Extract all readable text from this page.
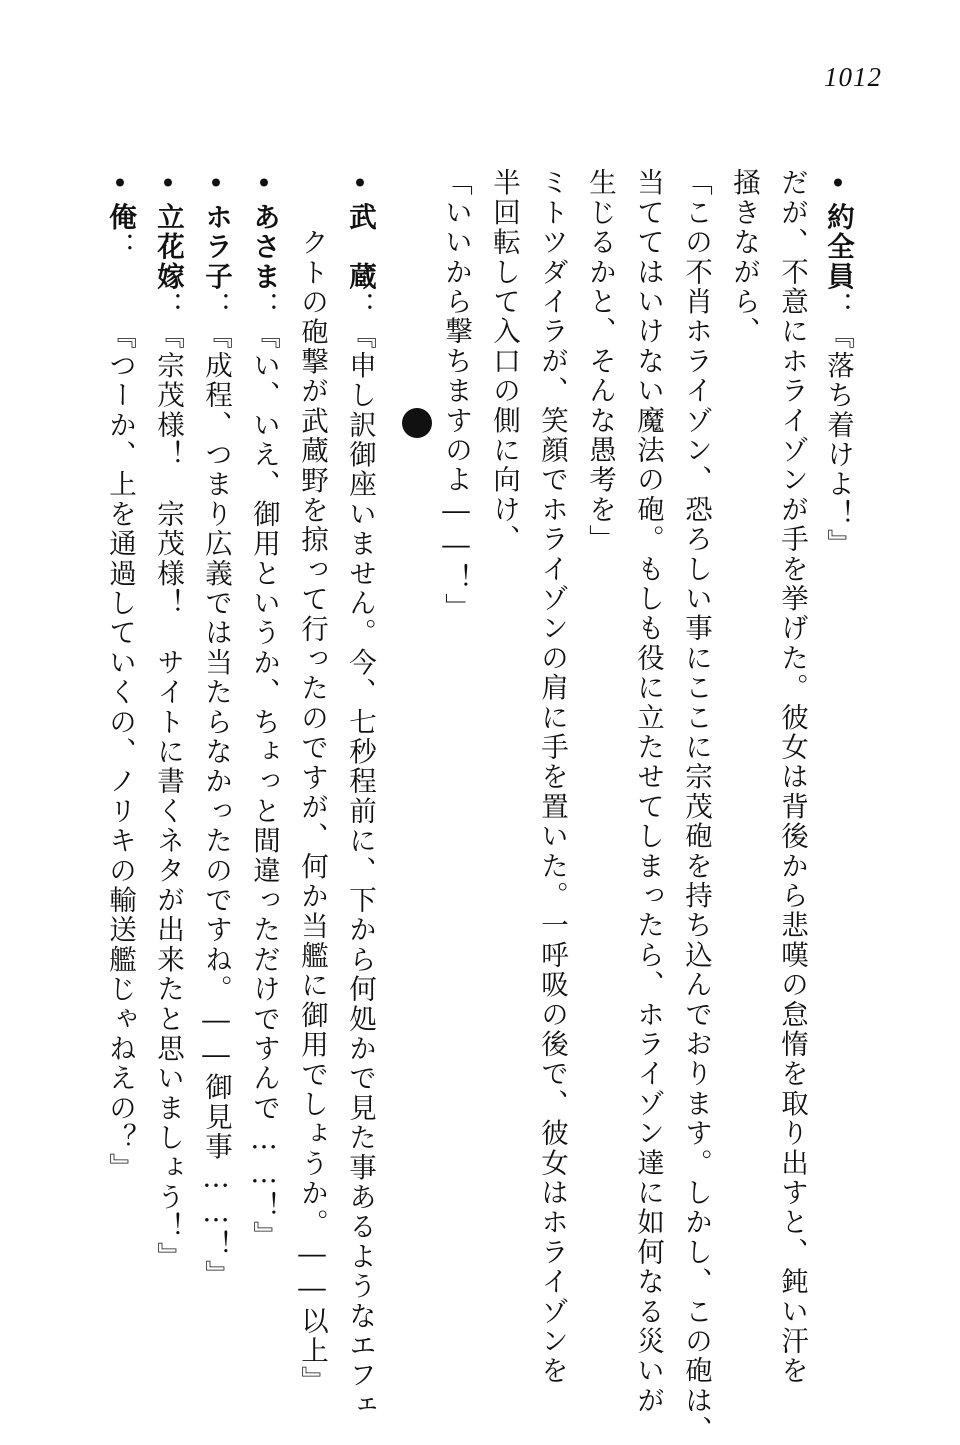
1012
•約全員：『落ち着けよ！』
だが、不意にホライゾンが手を挙げた。彼女は背後から悲嘆の怠惰を取り出すと、鈍い汗を
掻きながら、
「この不肖ホライゾン、恐ろしい事にここに宗茂砲を持ち込んでおります。しかし、この砲は、
当ててはいけない魔法の砲。もしも役に立たせてしまったら、ホライゾン達に如何なる災いが
生じるかと、そんな愚考を」
ミトツダイラが、笑顔でホライゾンの肩に手を置いた。一呼吸の後で、彼女はホライゾンを
半回転して入口の側に向け、
「いいから撃ちますのよ――！」
•武　蔵：『申し訳御座いません。今、七秒程前に、下から何処かで見た事あるようなエフェ
クトの砲撃が武蔵野を掠って行ったのですが、何か当艦に御用でしょうか。――以上』
•あさま：『い、いえ、御用というか、ちょっと間違っただけですんで……！』
•ホラ子：『成程、つまり広義では当たらなかったのですね。――御見事……！』
•立花嫁：『宗茂様！　宗茂様！　サイトに書くネタが出来たと思いましょう！』
•俺：『つーか、上を通過していくの、ノリキの輸送艦じゃねえの？』
